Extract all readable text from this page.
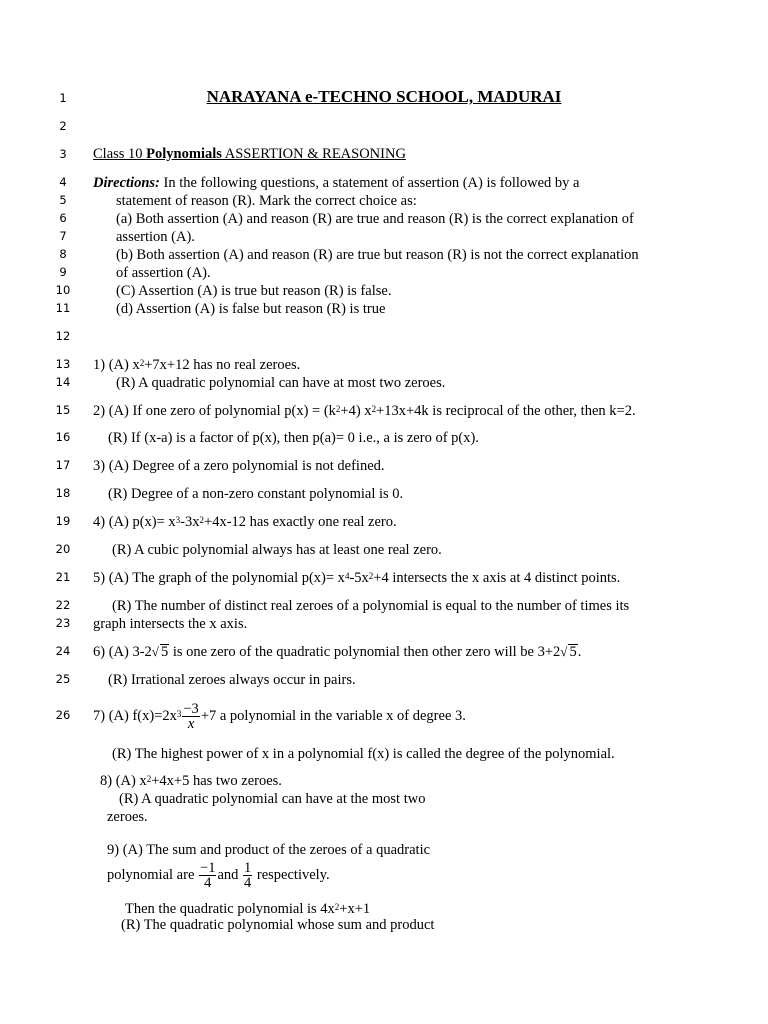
1
2
3
4
5
6
7
8
9
10
11
12
13
14
15
16
17
18
19
20
21
22
23
24
25
26
NARAYANA e-TECHNO SCHOOL, MADURAI
Class 10 Polynomials ASSERTION & REASONING
Directions: In the following questions, a statement of assertion (A) is followed by a
statement of reason (R). Mark the correct choice as:
(a) Both assertion (A) and reason (R) are true and reason (R) is the correct explanation of
assertion (A).
(b) Both assertion (A) and reason (R) are true but reason (R) is not the correct explanation
of assertion (A).
(C) Assertion (A) is true but reason (R) is false.
(d) Assertion (A) is false but reason (R) is true
1) (A) $x^2+7x+12$ has no real zeroes.
(R) A quadratic polynomial can have at most two zeroes.
2) (A) If one zero of polynomial $p(x) = (k^2+4)$ $x^2+13x+4k$ is reciprocal of the other, then k=2.
(R) If (x-a) is a factor of p(x), then p(a)= 0 i.e., a is zero of p(x).
3) (A) Degree of a zero polynomial is not defined.
(R) Degree of a non-zero constant polynomial is 0.
4) (A) $p(x)= x^3-3x^2+4x-12$ has exactly one real zero.
(R) A cubic polynomial always has at least one real zero.
5) (A) The graph of the polynomial $p(x)= x^4-5x^2+4$ intersects the x axis at 4 distinct points.
(R) The number of distinct real zeroes of a polynomial is equal to the number of times its
graph intersects the x axis.
6) (A) 3-2√ 5 is one zero of the quadratic polynomial then other zero will be 3+2√ 5.
(R) Irrational zeroes always occur in pairs.
7) (A) $f(x)=2x^3 \frac{-3}{x} +7$ a polynomial in the variable x of degree 3.
(R) The highest power of x in a polynomial f(x) is called the degree of the polynomial.
8) (A) $x^2+4x+5$ has two zeroes.
(R) A quadratic polynomial can have at the most two
zeroes.
9) (A) The sum and product of the zeroes of a quadratic
polynomial are $\frac{-1}{4}$ and $\frac{1}{4}$ respectively.
Then the quadratic polynomial is $4x^2+x+1$
(R) The quadratic polynomial whose sum and product
